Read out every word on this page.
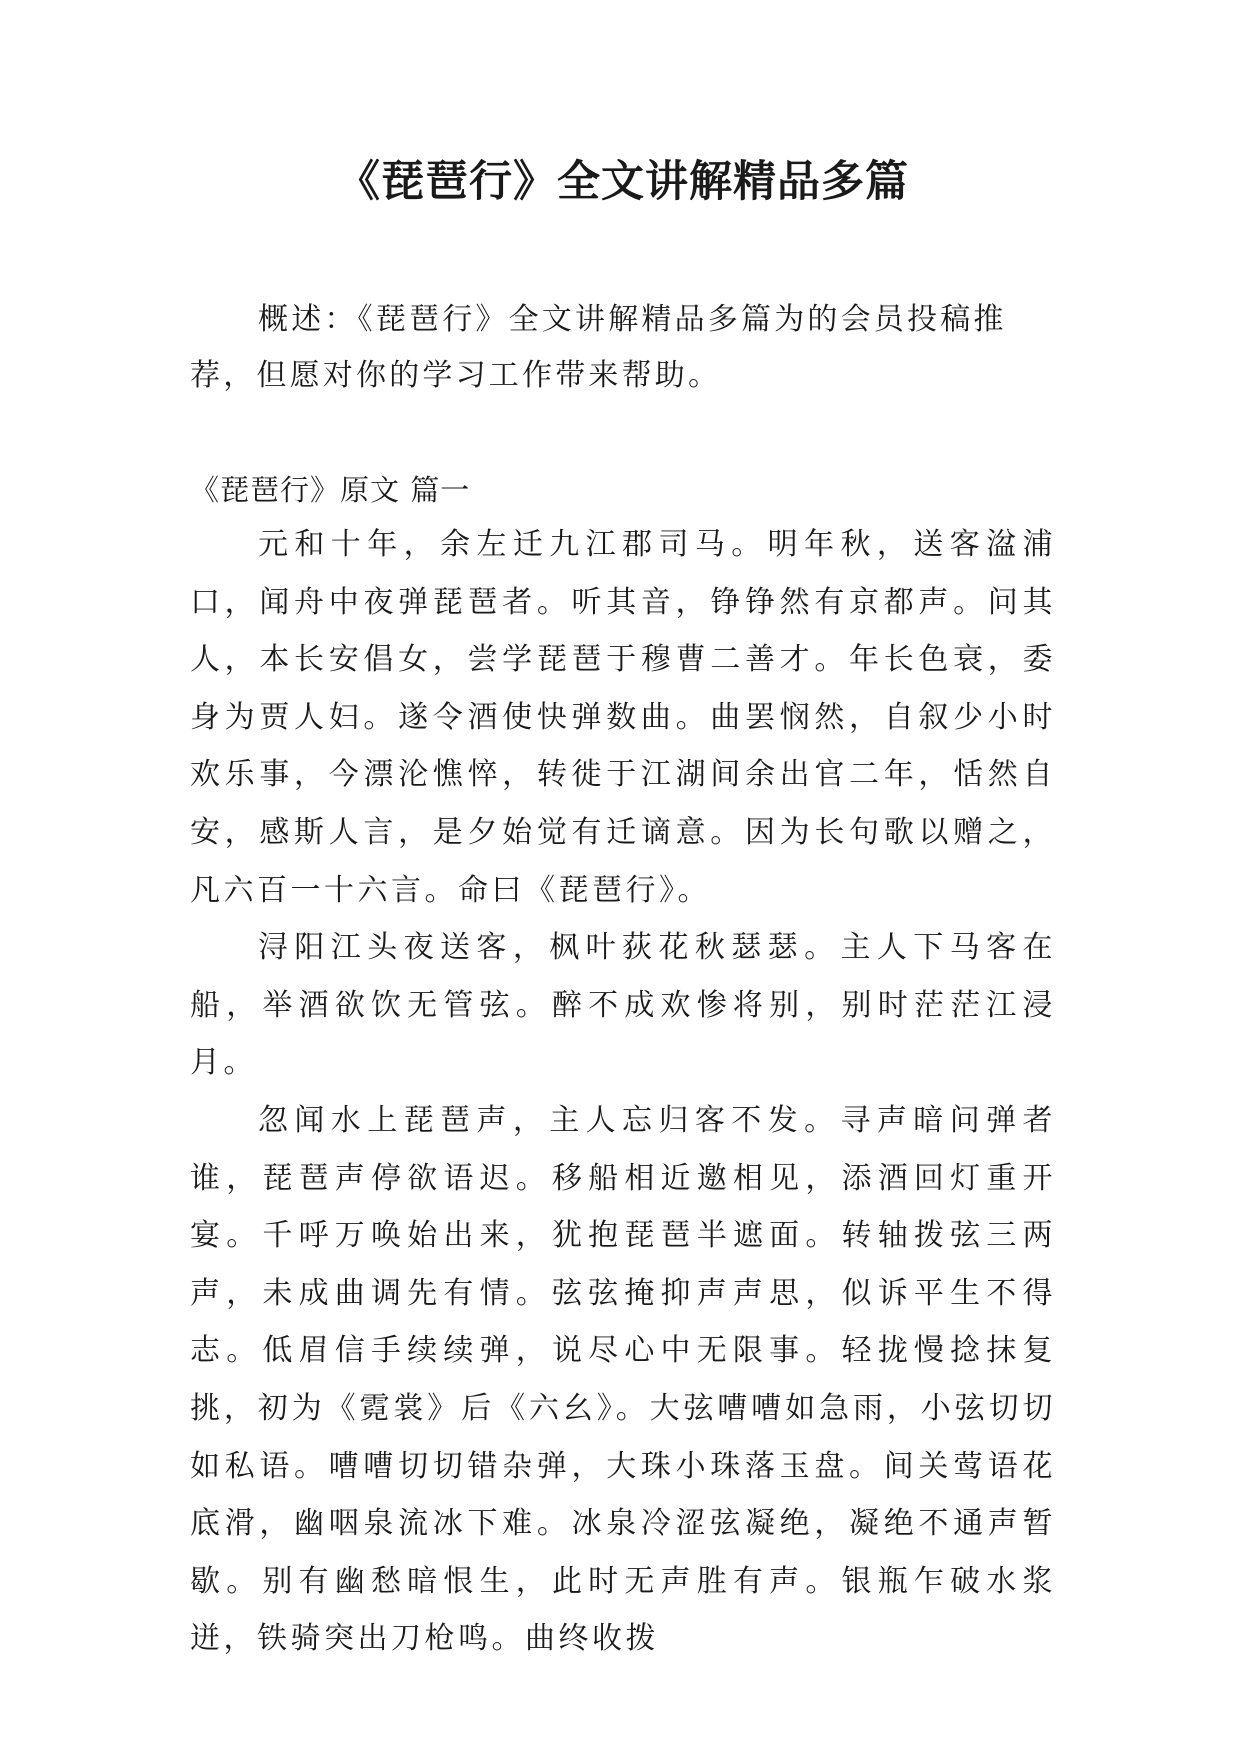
《琵琶行》全文讲解精品多篇

概述：《琵琶行》全文讲解精品多篇为的会员投稿推荐，但愿对你的学习工作带来帮助。

《琵琶行》原文 篇一

元和十年，余左迁九江郡司马。明年秋，送客湓浦口，闻舟中夜弹琵琶者。听其音，铮铮然有京都声。问其人，本长安倡女，尝学琵琶于穆曹二善才。年长色衰，委身为贾人妇。遂令酒使快弹数曲。曲罢悯然，自叙少小时欢乐事，今漂沦憔悴，转徙于江湖间余出官二年，恬然自安，感斯人言，是夕始觉有迁谪意。因为长句歌以赠之，凡六百一十六言。命曰《琵琶行》。

浔阳江头夜送客，枫叶荻花秋瑟瑟。主人下马客在船，举酒欲饮无管弦。醉不成欢惨将别，别时茫茫江浸月。

忽闻水上琵琶声，主人忘归客不发。寻声暗问弹者谁，琵琶声停欲语迟。移船相近邀相见，添酒回灯重开宴。千呼万唤始出来，犹抱琵琶半遮面。转轴拨弦三两声，未成曲调先有情。弦弦掩抑声声思，似诉平生不得志。低眉信手续续弹，说尽心中无限事。轻拢慢捻抹复挑，初为《霓裳》后《六幺》。大弦嘈嘈如急雨，小弦切切如私语。嘈嘈切切错杂弹，大珠小珠落玉盘。间关莺语花底滑，幽咽泉流冰下难。冰泉冷涩弦凝绝，凝绝不通声暂歇。别有幽愁暗恨生，此时无声胜有声。银瓶乍破水浆迸，铁骑突出刀枪鸣。曲终收拨
